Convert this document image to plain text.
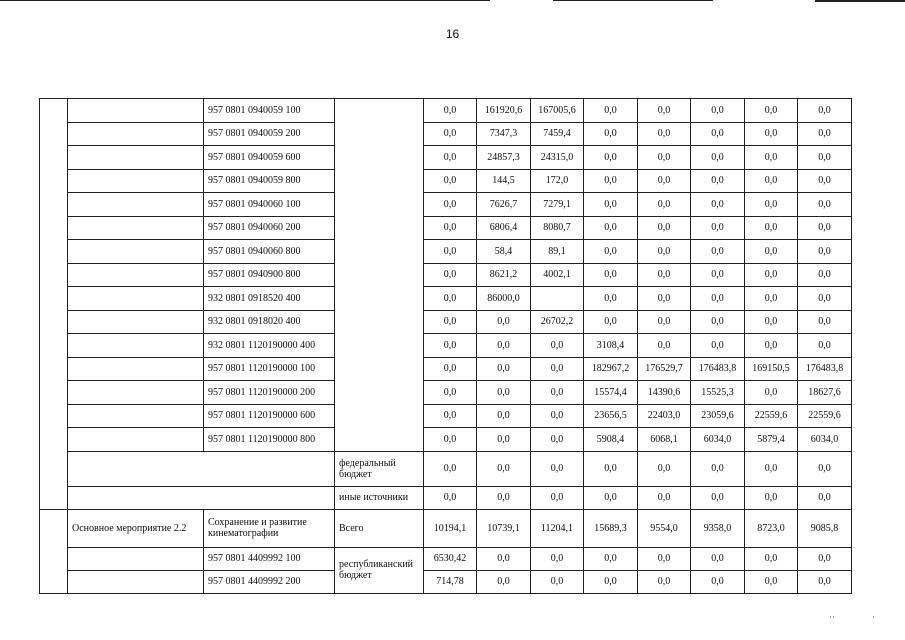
16
		957 0801 0940059 100		0,0	161920,6	167005,6	0,0	0,0	0,0	0,0	0,0
		957 0801 0940059 200		0,0	7347,3	7459,4	0,0	0,0	0,0	0,0	0,0
		957 0801 0940059 600		0,0	24857,3	24315,0	0,0	0,0	0,0	0,0	0,0
		957 0801 0940059 800		0,0	144,5	172,0	0,0	0,0	0,0	0,0	0,0
		957 0801 0940060 100		0,0	7626,7	7279,1	0,0	0,0	0,0	0,0	0,0
		957 0801 0940060 200		0,0	6806,4	8080,7	0,0	0,0	0,0	0,0	0,0
		957 0801 0940060 800		0,0	58,4	89,1	0,0	0,0	0,0	0,0	0,0
		957 0801 0940900 800		0,0	8621,2	4002,1	0,0	0,0	0,0	0,0	0,0
		932 0801 0918520 400		0,0	86000,0		0,0	0,0	0,0	0,0	0,0
		932 0801 0918020 400		0,0	0,0	26702,2	0,0	0,0	0,0	0,0	0,0
		932 0801 1120190000 400		0,0	0,0	0,0	3108,4	0,0	0,0	0,0	0,0
		957 0801 1120190000 100		0,0	0,0	0,0	182967,2	176529,7	176483,8	169150,5	176483,8
		957 0801 1120190000 200		0,0	0,0	0,0	15574,4	14390,6	15525,3	0,0	18627,6
		957 0801 1120190000 600		0,0	0,0	0,0	23656,5	22403,0	23059,6	22559,6	22559,6
		957 0801 1120190000 800		0,0	0,0	0,0	5908,4	6068,1	6034,0	5879,4	6034,0
			федеральный бюджет	0,0	0,0	0,0	0,0	0,0	0,0	0,0	0,0
			иные источники	0,0	0,0	0,0	0,0	0,0	0,0	0,0	0,0
	Основное мероприятие 2.2	Сохранение и развитие кинематографии	Всего	10194,1	10739,1	11204,1	15689,3	9554,0	9358,0	8723,0	9085,8
		957 0801 4409992 100	республиканский бюджет	6530,42	0,0	0,0	0,0	0,0	0,0	0,0	0,0
		957 0801 4409992 200		714,78	0,0	0,0	0,0	0,0	0,0	0,0	0,0
··	·
